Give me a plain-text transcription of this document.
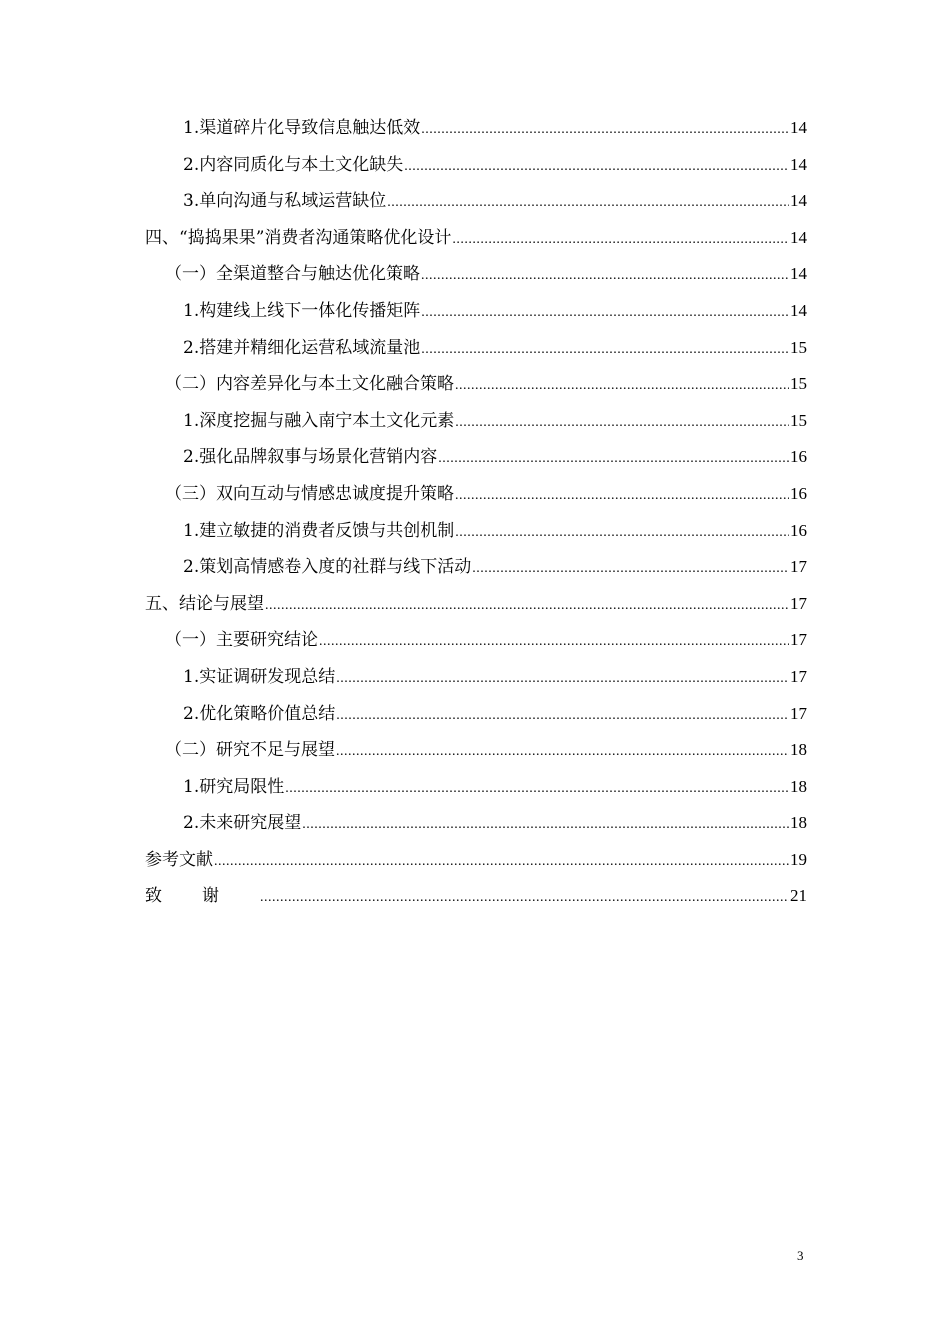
1.渠道碎片化导致信息触达低效 .....	14
2.内容同质化与本土文化缺失 .....	14
3.单向沟通与私域运营缺位 .....	14
四、“捣捣果果”消费者沟通策略优化设计 .....	14
（一）全渠道整合与触达优化策略 .....	14
1.构建线上线下一体化传播矩阵 .....	14
2.搭建并精细化运营私域流量池 .....	15
（二）内容差异化与本土文化融合策略 .....	15
1.深度挖掘与融入南宁本土文化元素 .....	15
2.强化品牌叙事与场景化营销内容 .....	16
（三）双向互动与情感忠诚度提升策略 .....	16
1.建立敏捷的消费者反馈与共创机制 .....	16
2.策划高情感卷入度的社群与线下活动 .....	17
五、结论与展望 .....	17
（一）主要研究结论 .....	17
1.实证调研发现总结 .....	17
2.优化策略价值总结 .....	17
（二）研究不足与展望 .....	18
1.研究局限性 .....	18
2.未来研究展望 .....	18
参考文献 .....	19
致谢 .....	21
3
